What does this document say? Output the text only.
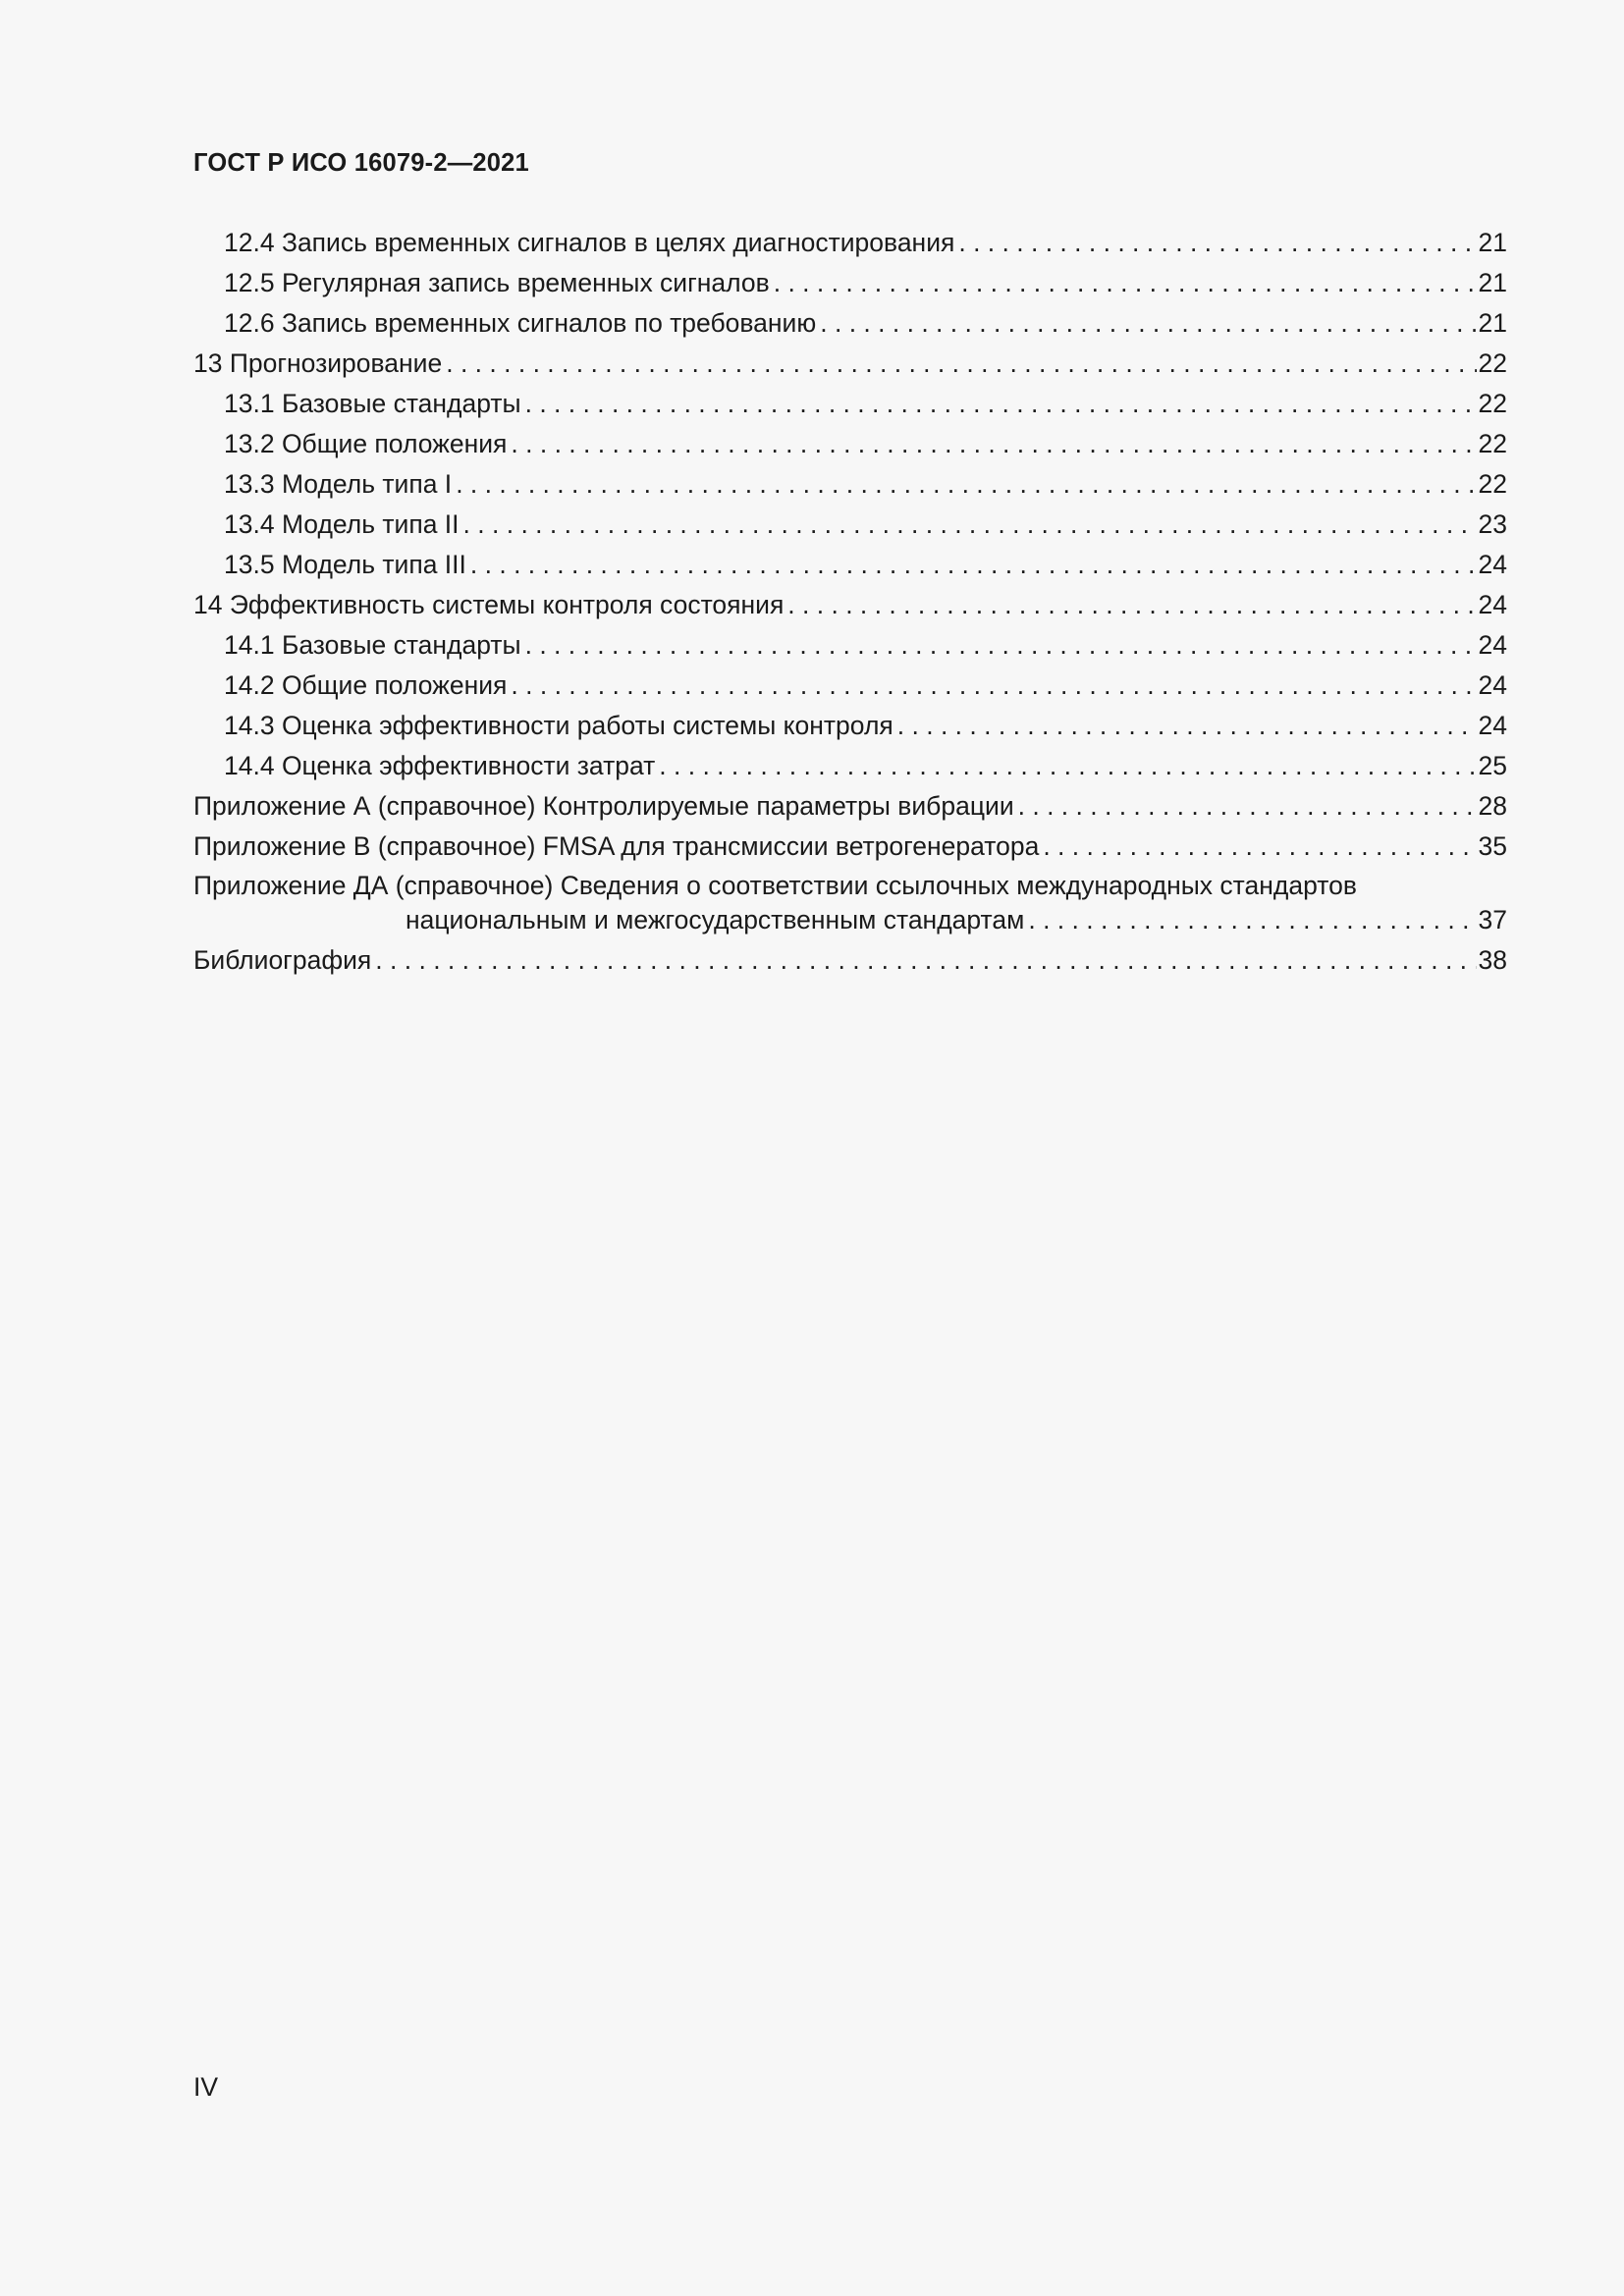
ГОСТ Р ИСО 16079-2—2021
12.4 Запись временных сигналов в целях диагностирования . . .	21
12.5 Регулярная запись временных сигналов . . .	21
12.6 Запись временных сигналов по требованию . . .	21
13 Прогнозирование . . .	22
13.1 Базовые стандарты . . .	22
13.2 Общие положения . . .	22
13.3 Модель типа I . . .	22
13.4 Модель типа II . . .	23
13.5 Модель типа III . . .	24
14 Эффективность системы контроля состояния . . .	24
14.1 Базовые стандарты . . .	24
14.2 Общие положения . . .	24
14.3 Оценка эффективности работы системы контроля . . .	24
14.4 Оценка эффективности затрат . . .	25
Приложение А (справочное) Контролируемые параметры вибрации . . .	28
Приложение В (справочное) FMSA для трансмиссии ветрогенератора . . .	35
Приложение ДА (справочное) Сведения о соответствии ссылочных международных стандартов
национальным и межгосударственным стандартам . . .	37
Библиография . . .	38
IV
